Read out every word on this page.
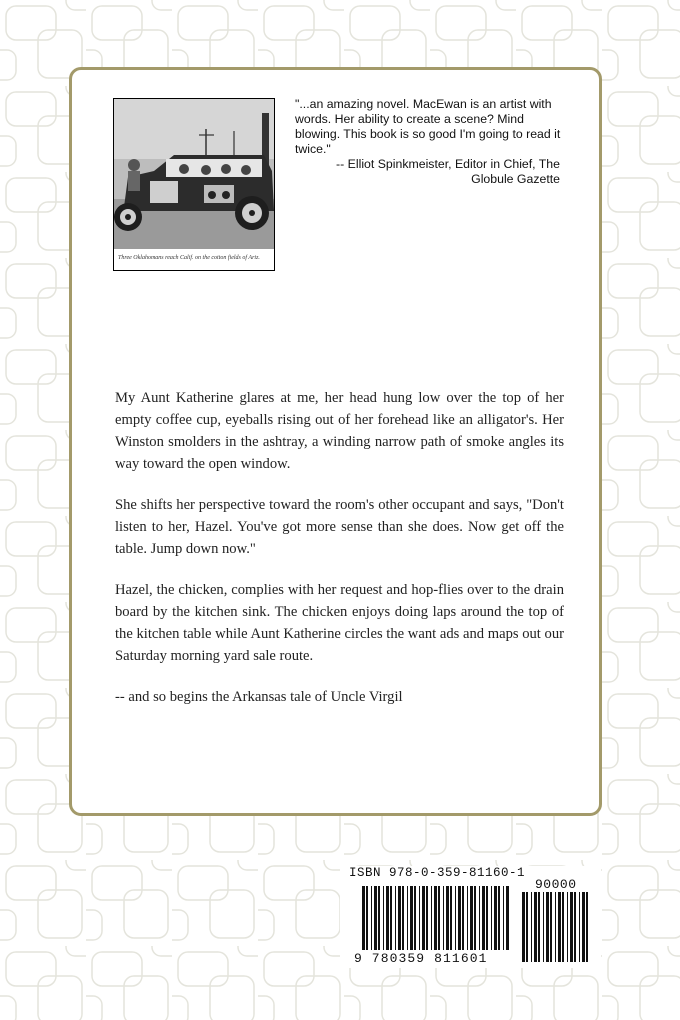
Three Oklahomans reach Calif. on the cotton fields of Ariz.
"...an amazing novel. MacEwan is an artist with words. Her ability to create a scene? Mind blowing. This book is so good I'm going to read it twice."
-- Elliot Spinkmeister, Editor in Chief, The Globule Gazette

My Aunt Katherine glares at me, her head hung low over the top of her empty coffee cup, eyeballs rising out of her forehead like an alligator's. Her Winston smolders in the ashtray, a winding narrow path of smoke angles its way toward the open window.

She shifts her perspective toward the room's other occupant and says, "Don't listen to her, Hazel. You've got more sense than she does. Now get off the table. Jump down now."

Hazel, the chicken, complies with her request and hop-flies over to the drain board by the kitchen sink. The chicken enjoys doing laps around the top of the kitchen table while Aunt Katherine circles the want ads and maps out our Saturday morning yard sale route.

-- and so begins the Arkansas tale of Uncle Virgil

ISBN 978-0-359-81160-1
90000
9 780359 811601
